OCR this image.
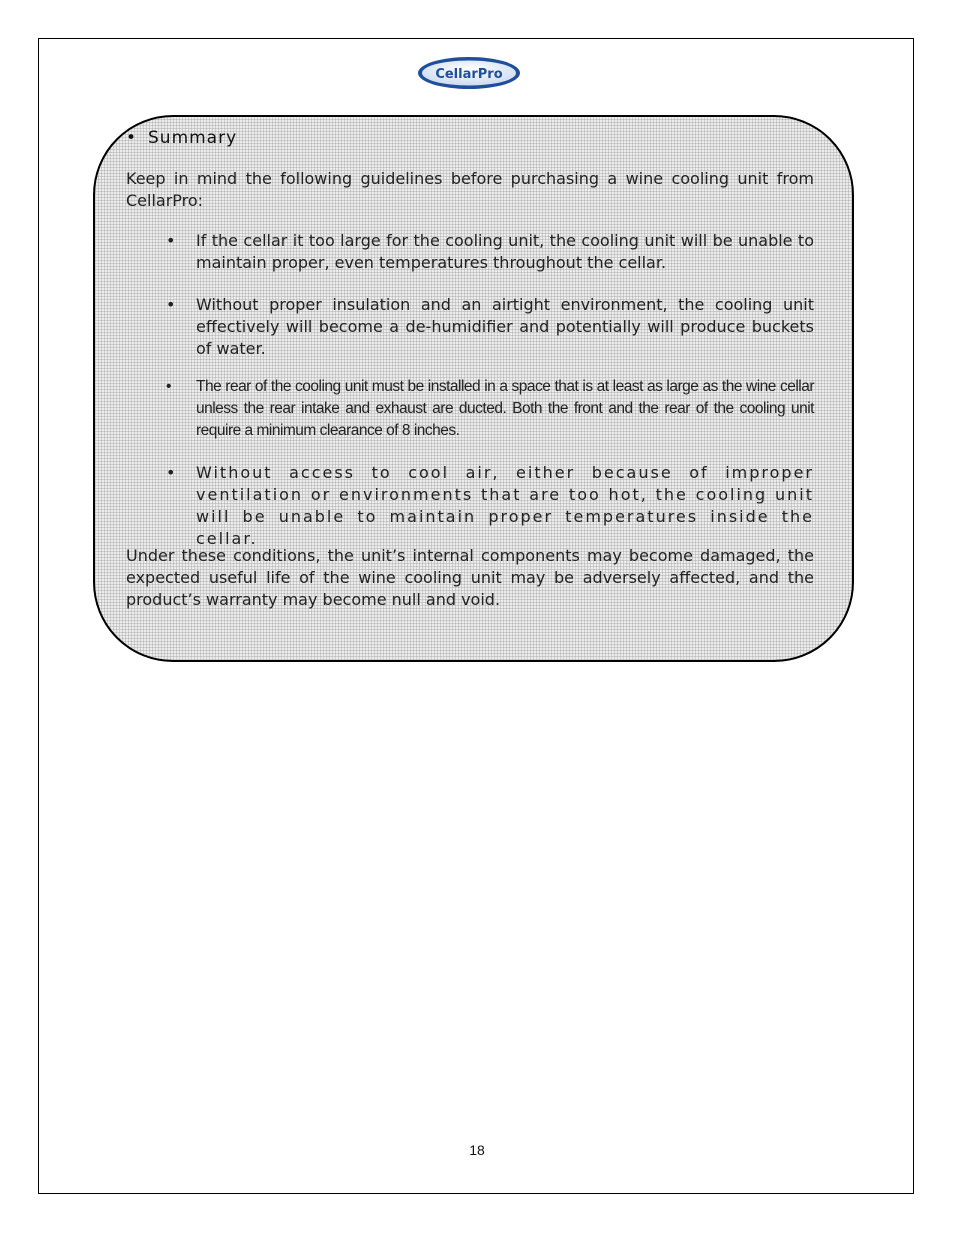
CellarPro
• Summary
Keep in mind the following guidelines before purchasing a wine cooling unit from CellarPro:
• If the cellar it too large for the cooling unit, the cooling unit will be unable to maintain proper, even temperatures throughout the cellar.
• Without proper insulation and an airtight environment, the cooling unit effectively will become a de-humidifier and potentially will produce buckets of water.
•	The rear of the cooling unit must be installed in a space that is at least as large as the wine cellar unless the rear intake and exhaust are ducted. Both the front and the rear of the cooling unit require a minimum clearance of 8 inches.
• Without access to cool air, either because of improper ventilation or environments that are too hot, the cooling unit will be unable to maintain proper temperatures inside the cellar.
Under these conditions, the unit’s internal components may become damaged, the expected useful life of the wine cooling unit may be adversely affected, and the product’s warranty may become null and void.
18
